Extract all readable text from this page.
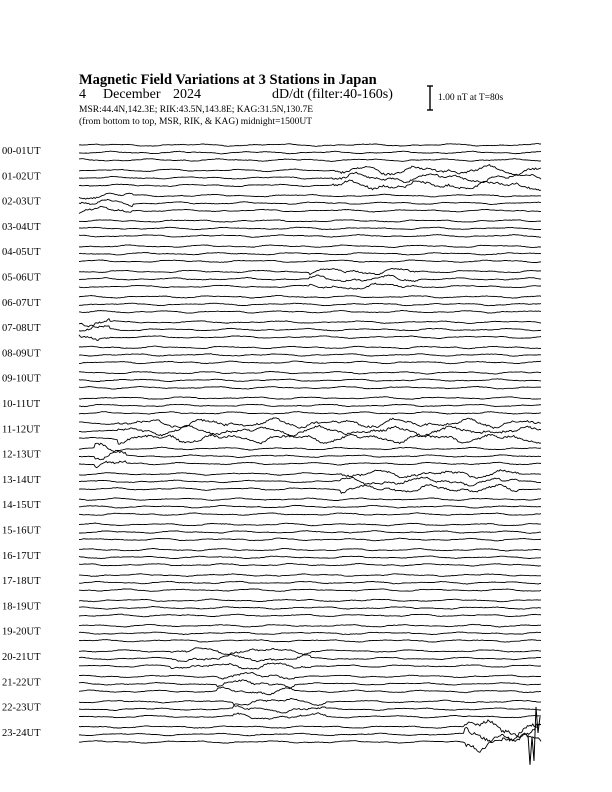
Magnetic Field Variations at 3 Stations in Japan
4 December 2024	dD/dt (filter:40-160s)
MSR:44.4N,142.3E; RIK:43.5N,143.8E; KAG:31.5N,130.7E
(from bottom to top, MSR, RIK, & KAG) midnight=1500UT
1.00 nT at T=80s
00-01UT
01-02UT
02-03UT
03-04UT
04-05UT
05-06UT
06-07UT
07-08UT
08-09UT
09-10UT
10-11UT
11-12UT
12-13UT
13-14UT
14-15UT
15-16UT
16-17UT
17-18UT
18-19UT
19-20UT
20-21UT
21-22UT
22-23UT
23-24UT
